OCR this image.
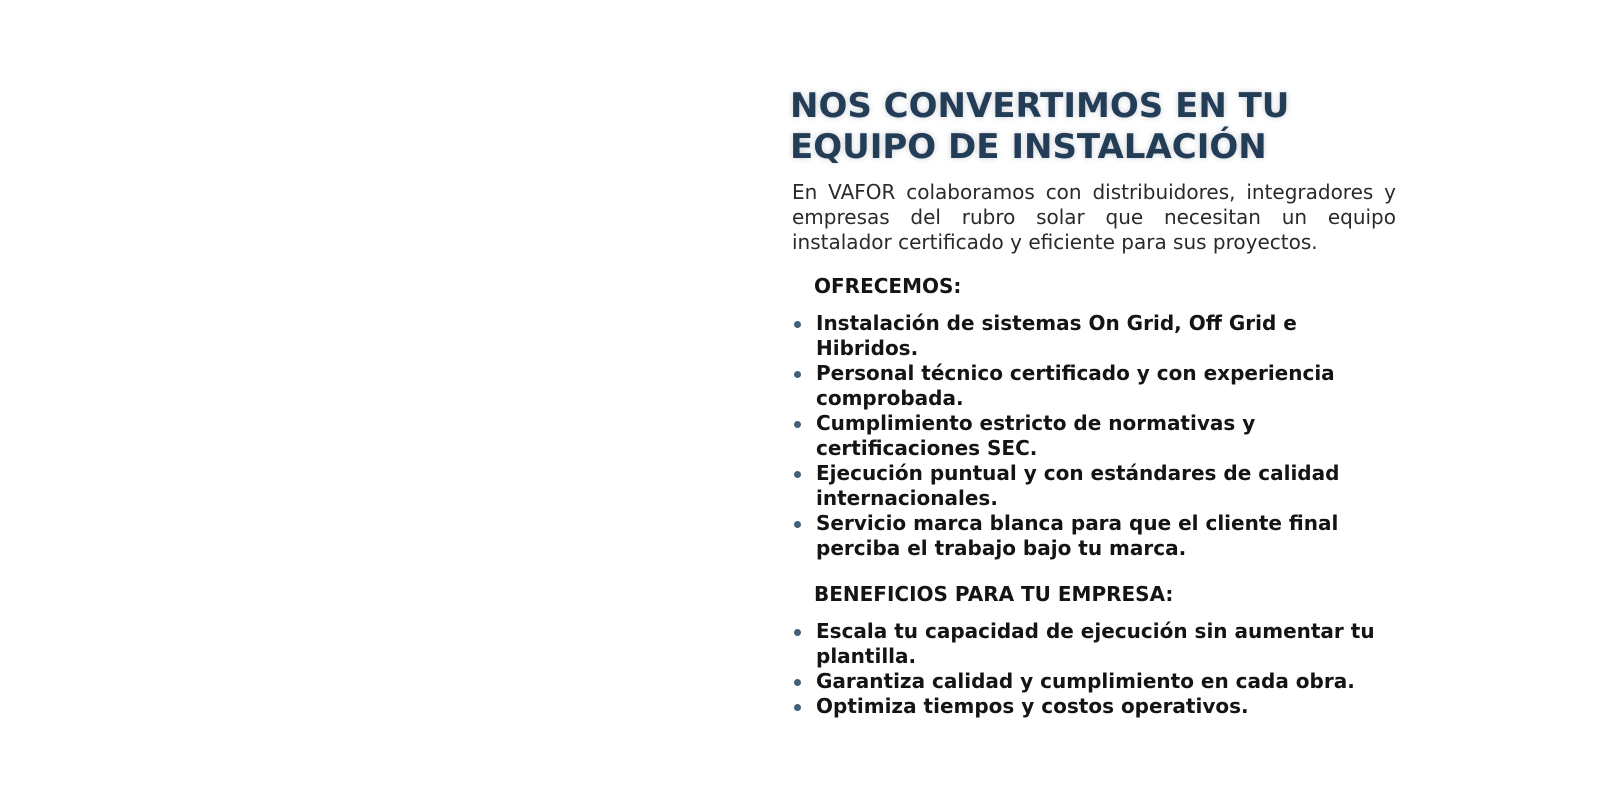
NOS CONVERTIMOS EN TU
EQUIPO DE INSTALACIÓN

En VAFOR colaboramos con distribuidores, integradores y empresas del rubro solar que necesitan un equipo instalador certificado y eficiente para sus proyectos.

OFRECEMOS:
Instalación de sistemas On Grid, Off Grid e Hibridos.
Personal técnico certificado y con experiencia comprobada.
Cumplimiento estricto de normativas y certificaciones SEC.
Ejecución puntual y con estándares de calidad internacionales.
Servicio marca blanca para que el cliente final perciba el trabajo bajo tu marca.
BENEFICIOS PARA TU EMPRESA:
Escala tu capacidad de ejecución sin aumentar tu plantilla.
Garantiza calidad y cumplimiento en cada obra.
Optimiza tiempos y costos operativos.
